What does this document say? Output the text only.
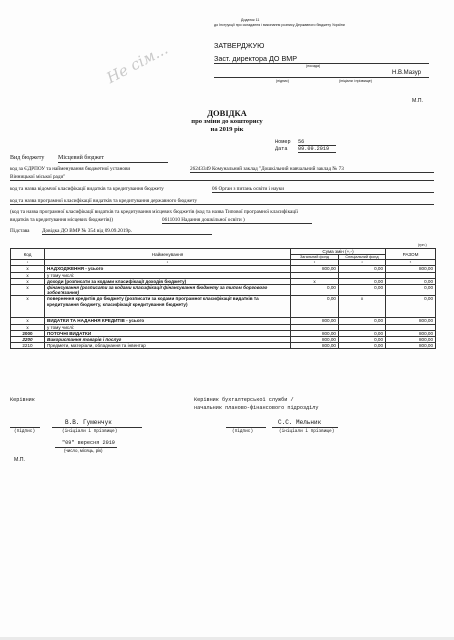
Додаток 11
до Інструкції про складання і виконання розпису Державного бюджету України
ЗАТВЕРДЖУЮ
Заст. директора ДО ВМР
(посада)
Н.В.Мазур
(підпис)	(ініціали і прізвище)
М.П.
Не сім...
ДОВІДКА
про зміни до кошторису
на 2019 рік
Номер 56
Дата 09.09.2019
Вид бюджету Місцевий бюджет
код за ЄДРПОУ та найменування бюджетної установи	26243349 Комунальний заклад "Дошкільний навчальний заклад № 73
Вінницької міської ради"
код та назва відомчої класифікації видатків та кредитування бюджету	06 Орган з питань освіти і науки
код та назва програмної класифікації видатків та кредитування державного бюджету
(код та назва програмної класифікації видатків та кредитування місцевих бюджетів (код та назва Типової програмної класифікації
видатків та кредитування місцевих бюджетів))	0611010 Надання дошкільної освіти )
Підстава Довідка ДО ВМР № 354 від 09.09.2019р.
(грн.)
Код	Найменування	Сума змін (+,-)		РАЗОМ
		Загальний фонд	Спеціальний фонд	
1	2	3	4	5
x	НАДХОДЖЕННЯ - усього	800,00	0,00	800,00
x	у тому числі:			
x	доходи (розписати за кодами класифікації доходів бюджету)	x	0,00	0,00
x	фінансування (розписати за кодами класифікації фінансування бюджету за типом боргового зобов'язання)	0,00	0,00	0,00
x	повернення кредитів до бюджету (розписати за кодами програмної класифікації видатків та кредитування бюджету, класифікації кредитування бюджету)	0,00	x	0,00
x	ВИДАТКИ ТА НАДАННЯ КРЕДИТІВ - усього	800,00	0,00	800,00
x	у тому числі:			
2000	ПОТОЧНІ ВИДАТКИ	800,00	0,00	800,00
2200	Використання товарів і послуг	800,00	0,00	800,00
2210	Предмети, матеріали, обладнання та інвентар	800,00	0,00	800,00
Керівник	Керівник бухгалтерської служби /
начальник планово-фінансового підрозділу
В.В. Гуменчук
(підпис)	(ініціали і прізвище)
С.С. Мельник
(підпис)	(ініціали і прізвище)
"09" вересня 2019
(число, місяць, рік)
М.П.
